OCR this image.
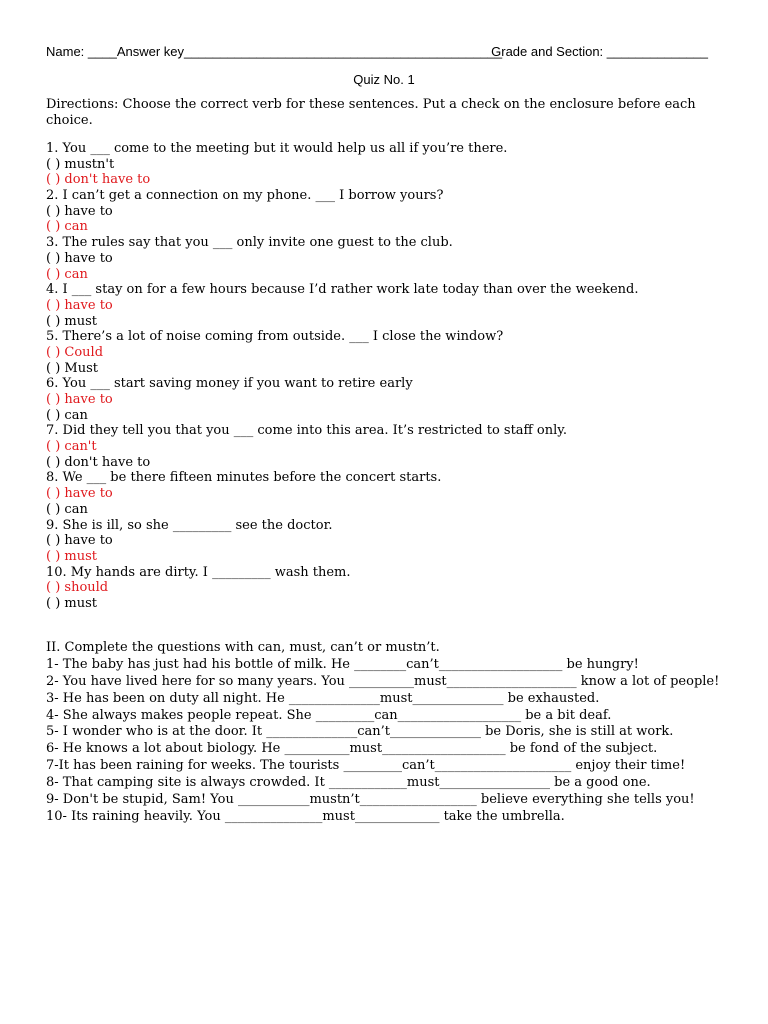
Name: ____Answer key____________________________________________
Grade and Section: ______________
Quiz No. 1
Directions: Choose the correct verb for these sentences. Put a check on the enclosure before each choice.
1. You ___ come to the meeting but it would help us all if you’re there.
( ) mustn't
( ) don't have to
2. I can’t get a connection on my phone. ___ I borrow yours?
( ) have to
( ) can
3. The rules say that you ___ only invite one guest to the club.
( ) have to
( ) can
4. I ___ stay on for a few hours because I’d rather work late today than over the weekend.
( ) have to
( ) must
5. There’s a lot of noise coming from outside. ___ I close the window?
( ) Could
( ) Must
6. You ___ start saving money if you want to retire early
( ) have to
( ) can
7. Did they tell you that you ___ come into this area. It’s restricted to staff only.
( ) can't
( ) don't have to
8. We ___ be there fifteen minutes before the concert starts.
( ) have to
( ) can
9. She is ill, so she _________ see the doctor.
( ) have to
( ) must
10. My hands are dirty. I _________ wash them.
( ) should
( ) must
II. Complete the questions with can, must, can’t or mustn’t.
1- The baby has just had his bottle of milk. He ________can’t___________________ be hungry!
2- You have lived here for so many years. You __________must____________________ know a lot of people!
3- He has been on duty all night. He ______________must______________ be exhausted.
4- She always makes people repeat. She _________can___________________ be a bit deaf.
5- I wonder who is at the door. It ______________can’t______________ be Doris, she is still at work.
6- He knows a lot about biology. He __________must___________________ be fond of the subject.
7-It has been raining for weeks. The tourists _________can’t_____________________ enjoy their time!
8- That camping site is always crowded. It ____________must_________________ be a good one.
9- Don't be stupid, Sam! You ___________mustn’t__________________ believe everything she tells you!
10- Its raining heavily. You _______________must_____________ take the umbrella.
